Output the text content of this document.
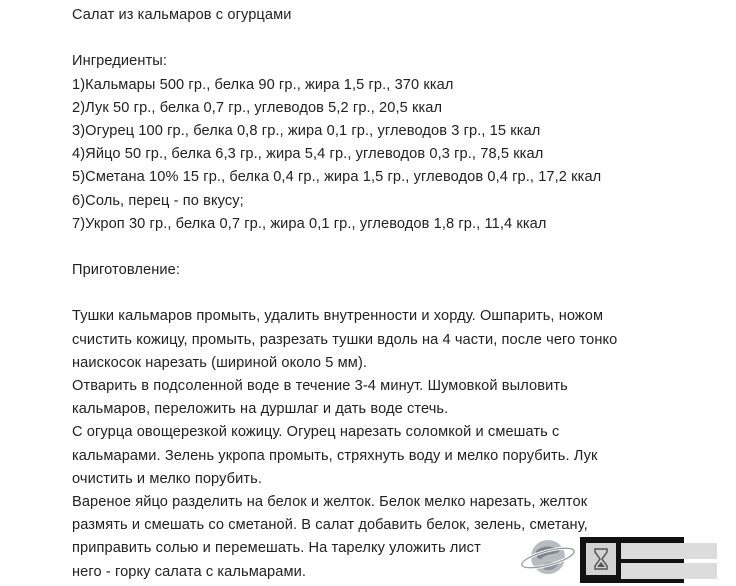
Салат из кальмаров с огурцами
Ингредиенты:
1)Кальмары 500 гр., белка 90 гр., жира 1,5 гр., 370 ккал
2)Лук 50 гр., белка 0,7 гр., углеводов 5,2 гр., 20,5 ккал
3)Огурец 100 гр., белка 0,8 гр., жира 0,1 гр., углеводов 3 гр., 15 ккал
4)Яйцо 50 гр., белка 6,3 гр., жира 5,4 гр., углеводов 0,3 гр., 78,5 ккал
5)Сметана 10% 15 гр., белка 0,4 гр., жира 1,5 гр., углеводов 0,4 гр., 17,2 ккал
6)Соль, перец - по вкусу;
7)Укроп 30 гр., белка 0,7 гр., жира 0,1 гр., углеводов 1,8 гр., 11,4 ккал
Приготовление:
Тушки кальмаров промыть, удалить внутренности и хорду. Ошпарить, ножом
счистить кожицу, промыть, разрезать тушки вдоль на 4 части, после чего тонко
наискосок нарезать (шириной около 5 мм).
Отварить в подсоленной воде в течение 3-4 минут. Шумовкой выловить
кальмаров, переложить на дуршлаг и дать воде стечь.
С огурца овощерезкой кожицу. Огурец нарезать соломкой и смешать с
кальмарами. Зелень укропа промыть, стряхнуть воду и мелко порубить. Лук
очистить и мелко порубить.
Вареное яйцо разделить на белок и желток. Белок мелко нарезать, желток
размять и смешать со сметаной. В салат добавить белок, зелень, сметану,
приправить солью и перемешать. На тарелку уложить лист
него - горку салата с кальмарами.
